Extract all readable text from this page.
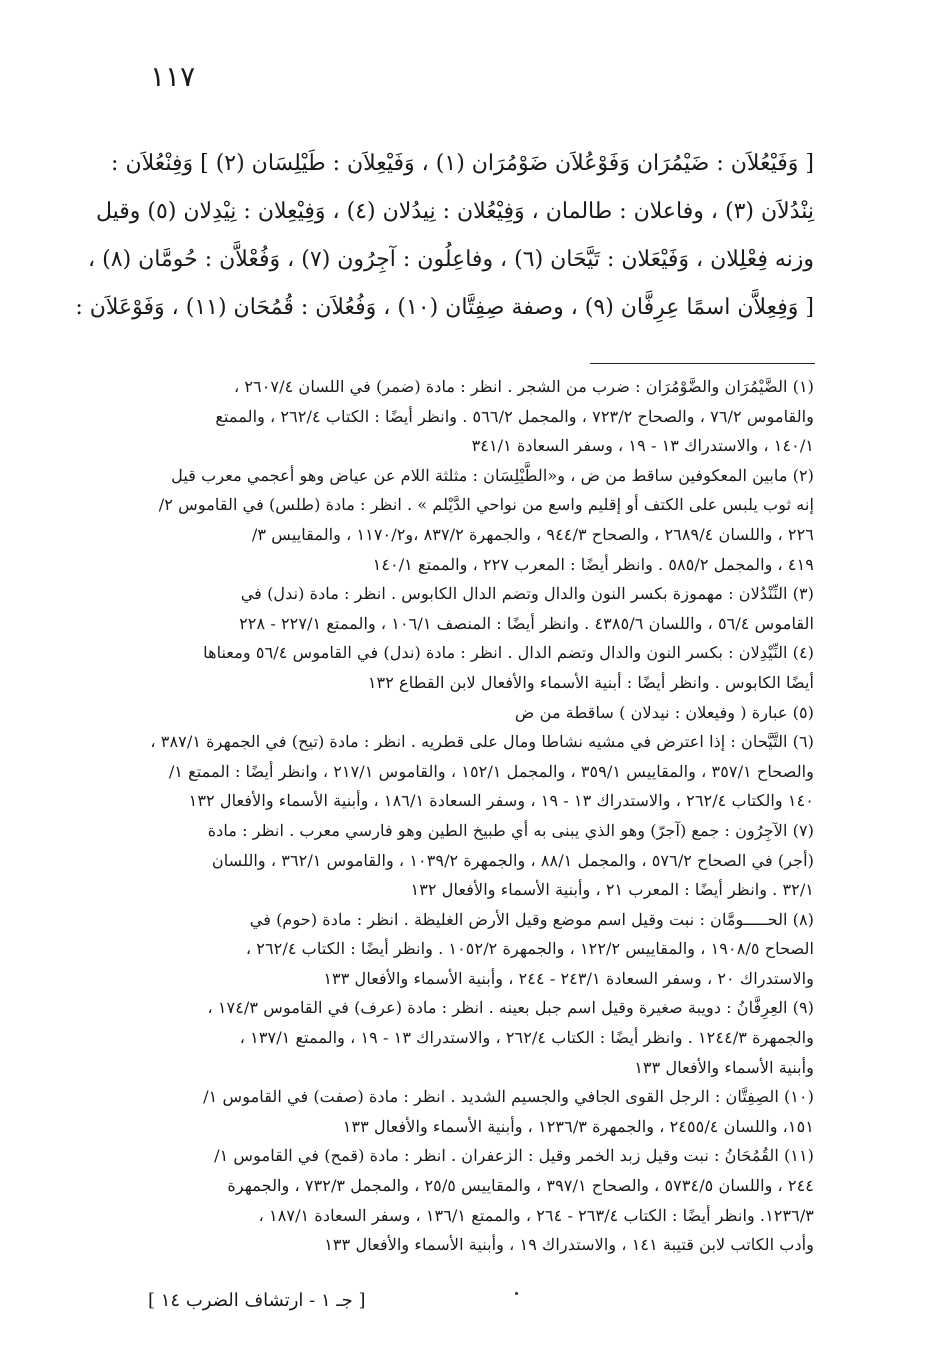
١١٧
[ وَفَيْعُلاَن : ضَيْمُرَان وَفَوْعُلاَن ضَوْمُرَان (١) ، وَفَيْعِلاَن : طَيْلِسَان (٢) ] وَفِنْعُلاَن :
نِنْدُلاَن (٣) ، وفاعلان : طالمان ، وَفِيْعُلان : نِيدُلان (٤) ، وَفِيْعِلان : نِيْدِلان (٥) وقيل
وزنه فِعْلِلان ، وَفَيْعَلان : تَيَّحَان (٦) ، وفاعِلُون : آجِرُون (٧) ، وَفُعْلاَّن : حُومَّان (٨) ،
[ وَفِعِلاَّن اسمًا عِرِفَّان (٩) ، وصفة صِفِتَّان (١٠) ، وَفُعُلاَن : قُمُحَان (١١) ، وَفَوْعَلاَن :
(١) الضَّيْمُرَان والضَّوْمُرَان : ضرب من الشجر . انظر : مادة (ضمر) في اللسان ٢٦٠٧/٤ ،
والقاموس ٧٦/٢ ، والصحاح ٧٢٣/٢ ، والمجمل ٥٦٦/٢ . وانظر أيضًا : الكتاب ٢٦٢/٤ ، والممتع
١٤٠/١ ، والاستدراك ١٣ - ١٩ ، وسفر السعادة ٣٤١/١
(٢) مابين المعكوفين ساقط من ض ، و«الطَّيْلِسَان : مثلثة اللام عن عياض وهو أعجمي معرب قيل
إنه ثوب يلبس على الكتف أو إقليم واسع من نواحي الدَّيْلم » . انظر : مادة (طلس) في القاموس ٢/
٢٢٦ ، واللسان ٢٦٨٩/٤ ، والصحاح ٩٤٤/٣ ، والجمهرة ٨٣٧/٢ ،و١١٧٠/٢ ، والمقاييس ٣/
٤١٩ ، والمجمل ٥٨٥/٢ . وانظر أيضًا : المعرب ٢٢٧ ، والممتع ١٤٠/١
(٣) النِّنْدُلان : مهموزة بكسر النون والدال وتضم الدال الكابوس . انظر : مادة (ندل) في
القاموس ٥٦/٤ ، واللسان ٤٣٨٥/٦ . وانظر أيضًا : المنصف ١٠٦/١ ، والممتع ٢٢٧/١ - ٢٢٨
(٤) النِّيْدِلان : بكسر النون والدال وتضم الدال . انظر : مادة (ندل) في القاموس ٥٦/٤ ومعناها
أيضًا الكابوس . وانظر أيضًا : أبنية الأسماء والأفعال لابن القطاع ١٣٢
(٥) عبارة ( وفيعلان : نيدلان ) ساقطة من ض
(٦) التَّيَّحان : إذا اعترض في مشيه نشاطا ومال على قطريه . انظر : مادة (تيح) في الجمهرة ٣٨٧/١ ،
والصحاح ٣٥٧/١ ، والمقاييس ٣٥٩/١ ، والمجمل ١٥٢/١ ، والقاموس ٢١٧/١ ، وانظر أيضًا : الممتع ١/
١٤٠ والكتاب ٢٦٢/٤ ، والاستدراك ١٣ - ١٩ ، وسفر السعادة ١٨٦/١ ، وأبنية الأسماء والأفعال ١٣٢
(٧) الآجِرُون : جمع (آجرّ) وهو الذي يبنى به أي طبيخ الطين وهو فارسي معرب . انظر : مادة
(أجر) في الصحاح ٥٧٦/٢ ، والمجمل ٨٨/١ ، والجمهرة ١٠٣٩/٢ ، والقاموس ٣٦٢/١ ، واللسان
٣٢/١ . وانظر أيضًا : المعرب ٢١ ، وأبنية الأسماء والأفعال ١٣٢
(٨) الحـــــومَّان : نبت وقيل اسم موضع وقيل الأرض الغليظة . انظر : مادة (حوم) في
الصحاح ١٩٠٨/٥ ، والمقاييس ١٢٢/٢ ، والجمهرة ١٠٥٢/٢ . وانظر أيضًا : الكتاب ٢٦٢/٤ ،
والاستدراك ٢٠ ، وسفر السعادة ٢٤٣/١ - ٢٤٤ ، وأبنية الأسماء والأفعال ١٣٣
(٩) العِرِفَّانُ : دويبة صغيرة وقيل اسم جبل بعينه . انظر : مادة (عرف) في القاموس ١٧٤/٣ ،
والجمهرة ١٢٤٤/٣ . وانظر أيضًا : الكتاب ٢٦٢/٤ ، والاستدراك ١٣ - ١٩ ، والممتع ١٣٧/١ ،
وأبنية الأسماء والأفعال ١٣٣
(١٠) الصِفِتَّان : الرجل القوى الجافي والجسيم الشديد . انظر : مادة (صفت) في القاموس ١/
١٥١، واللسان ٢٤٥٥/٤ ، والجمهرة ١٢٣٦/٣ ، وأبنية الأسماء والأفعال ١٣٣
(١١) القُمُحَانُ : نبت وقيل زبد الخمر وقيل : الزعفران . انظر : مادة (قمح) في القاموس ١/
٢٤٤ ، واللسان ٥٧٣٤/٥ ، والصحاح ٣٩٧/١ ، والمقاييس ٢٥/٥ ، والمجمل ٧٣٢/٣ ، والجمهرة
١٢٣٦/٣. وانظر أيضًا : الكتاب ٢٦٣/٤ - ٢٦٤ ، والممتع ١٣٦/١ ، وسفر السعادة ١٨٧/١ ،
وأدب الكاتب لابن قتيبة ١٤١ ، والاستدراك ١٩ ، وأبنية الأسماء والأفعال ١٣٣
[ جـ ١ - ارتشاف الضرب ١٤ ]
